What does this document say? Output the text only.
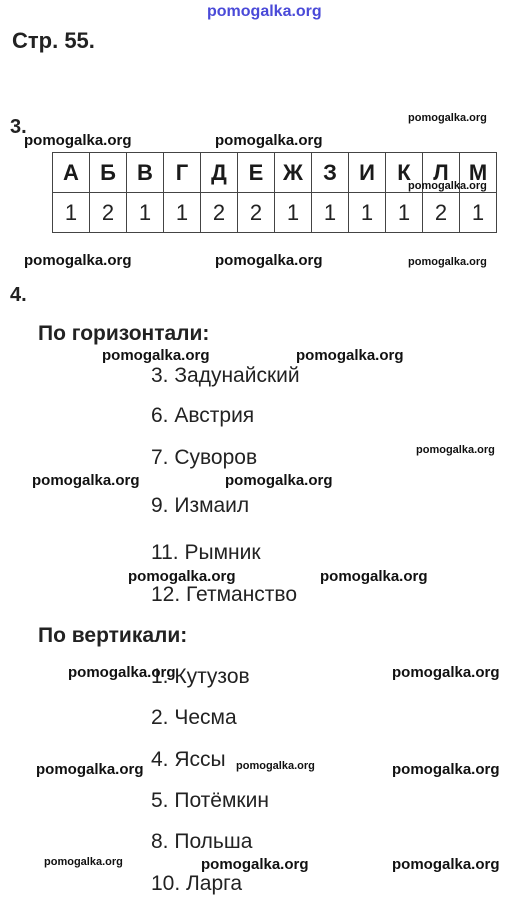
pomogalka.org
Стр. 55.
3.
А	Б	В	Г	Д	Е	Ж	З	И	К	Л	М
1	2	1	1	2	2	1	1	1	1	2	1
4.
По горизонтали:
3. Задунайский
6. Австрия
7. Суворов
9. Измаил
11. Рымник
12. Гетманство
По вертикали:
1. Кутузов
2. Чесма
4. Яссы
5. Потёмкин
8. Польша
10. Ларга
pomogalka.org	pomogalka.org
pomogalka.org
pomogalka.org
pomogalka.org	pomogalka.org	pomogalka.org
pomogalka.org	pomogalka.org
pomogalka.org
pomogalka.org	pomogalka.org
pomogalka.org	pomogalka.org
pomogalka.org	pomogalka.org
pomogalka.org	pomogalka.org	pomogalka.org
pomogalka.org	pomogalka.org	pomogalka.org
